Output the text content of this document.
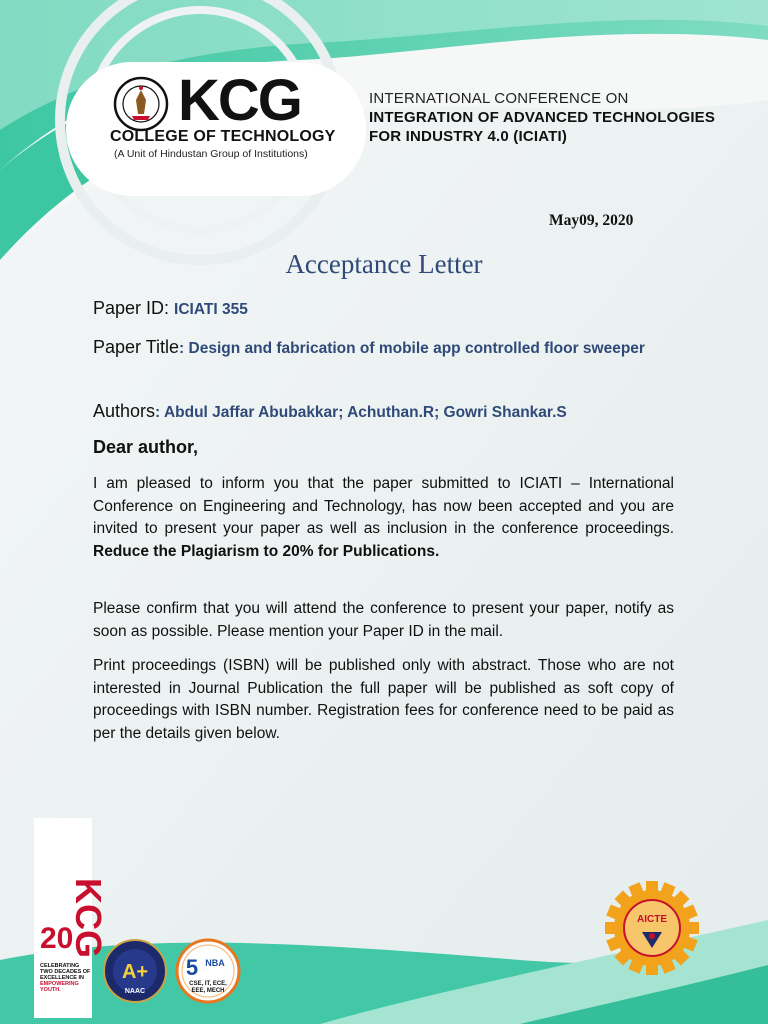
KCG
COLLEGE OF TECHNOLOGY
(A Unit of Hindustan Group of Institutions)
INTERNATIONAL CONFERENCE ON
INTEGRATION OF ADVANCED TECHNOLOGIES
FOR INDUSTRY 4.0 (ICIATI)
May09, 2020
Acceptance Letter
Paper ID: ICIATI 355
Paper Title: Design and fabrication of mobile app controlled floor sweeper
Authors: Abdul Jaffar Abubakkar; Achuthan.R; Gowri Shankar.S
Dear author,
I am pleased to inform you that the paper submitted to ICIATI – International Conference on Engineering and Technology, has now been accepted and you are invited to present your paper as well as inclusion in the conference proceedings. Reduce the Plagiarism to 20% for Publications.
Please confirm that you will attend the conference to present your paper, notify as soon as possible. Please mention your Paper ID in the mail.
Print proceedings (ISBN) will be published only with abstract. Those who are not interested in Journal Publication the full paper will be published as soft copy of proceedings with ISBN number. Registration fees for conference need to be paid as per the details given below.
KCG
20
CELEBRATING
TWO DECADES OF
EXCELLENCE IN
EMPOWERING
YOUTH.
A+
NAAC
5 NBA
CSE, IT, ECE,
EEE, MECH
AICTE
